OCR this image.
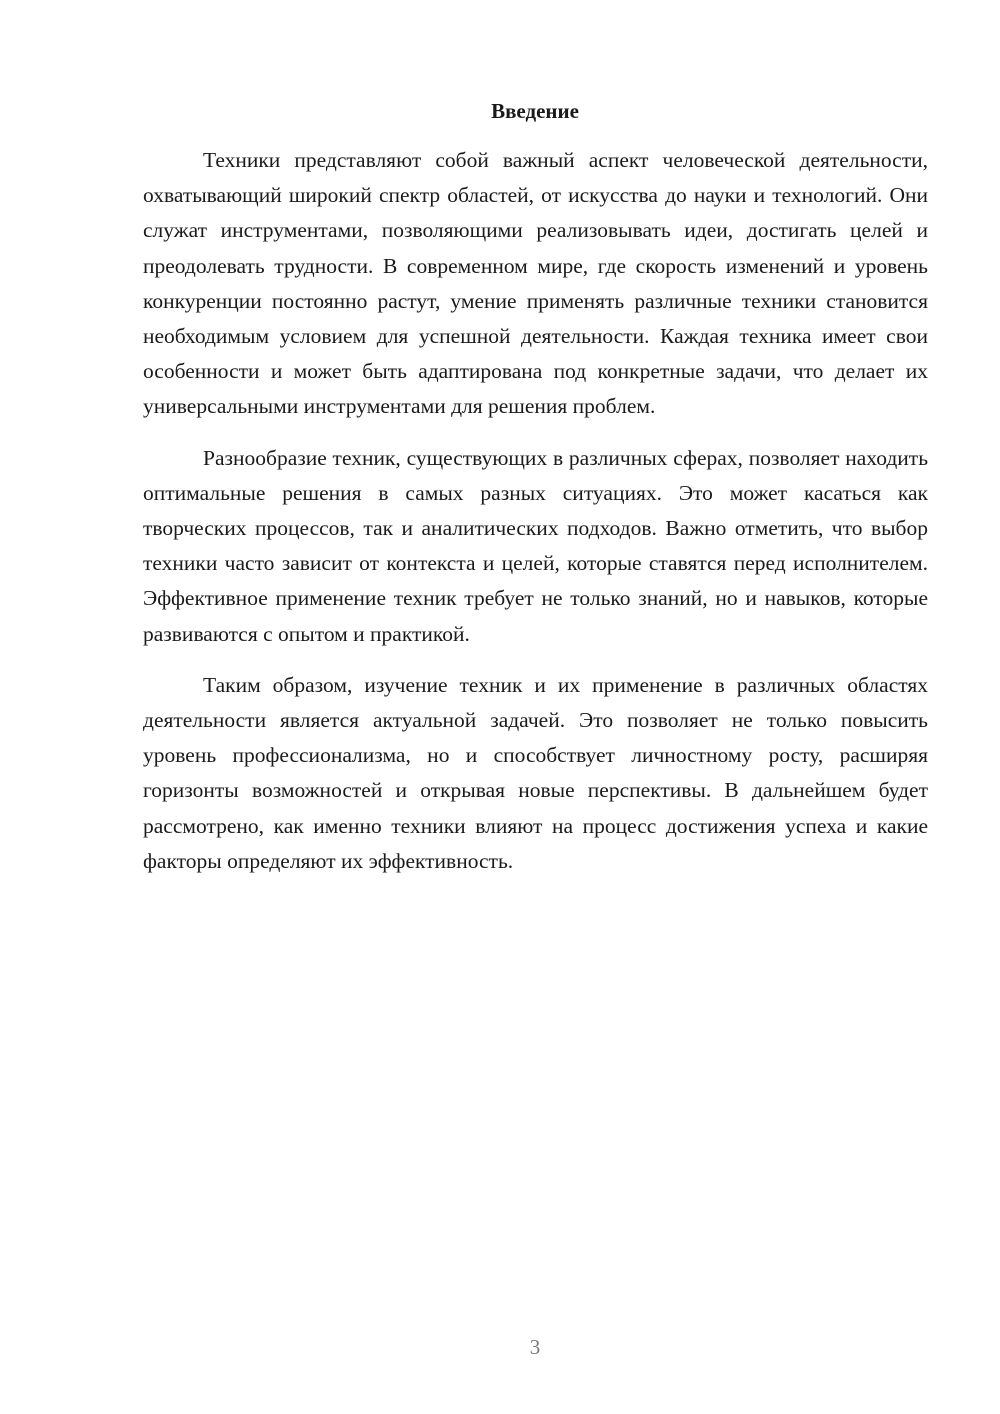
Введение

Техники представляют собой важный аспект человеческой деятельности, охватывающий широкий спектр областей, от искусства до науки и технологий. Они служат инструментами, позволяющими реализовывать идеи, достигать целей и преодолевать трудности. В современном мире, где скорость изменений и уровень конкуренции постоянно растут, умение применять различные техники становится необходимым условием для успешной деятельности. Каждая техника имеет свои особенности и может быть адаптирована под конкретные задачи, что делает их универсальными инструментами для решения проблем.

Разнообразие техник, существующих в различных сферах, позволяет находить оптимальные решения в самых разных ситуациях. Это может касаться как творческих процессов, так и аналитических подходов. Важно отметить, что выбор техники часто зависит от контекста и целей, которые ставятся перед исполнителем. Эффективное применение техник требует не только знаний, но и навыков, которые развиваются с опытом и практикой.

Таким образом, изучение техник и их применение в различных областях деятельности является актуальной задачей. Это позволяет не только повысить уровень профессионализма, но и способствует личностному росту, расширяя горизонты возможностей и открывая новые перспективы. В дальнейшем будет рассмотрено, как именно техники влияют на процесс достижения успеха и какие факторы определяют их эффективность.

3
